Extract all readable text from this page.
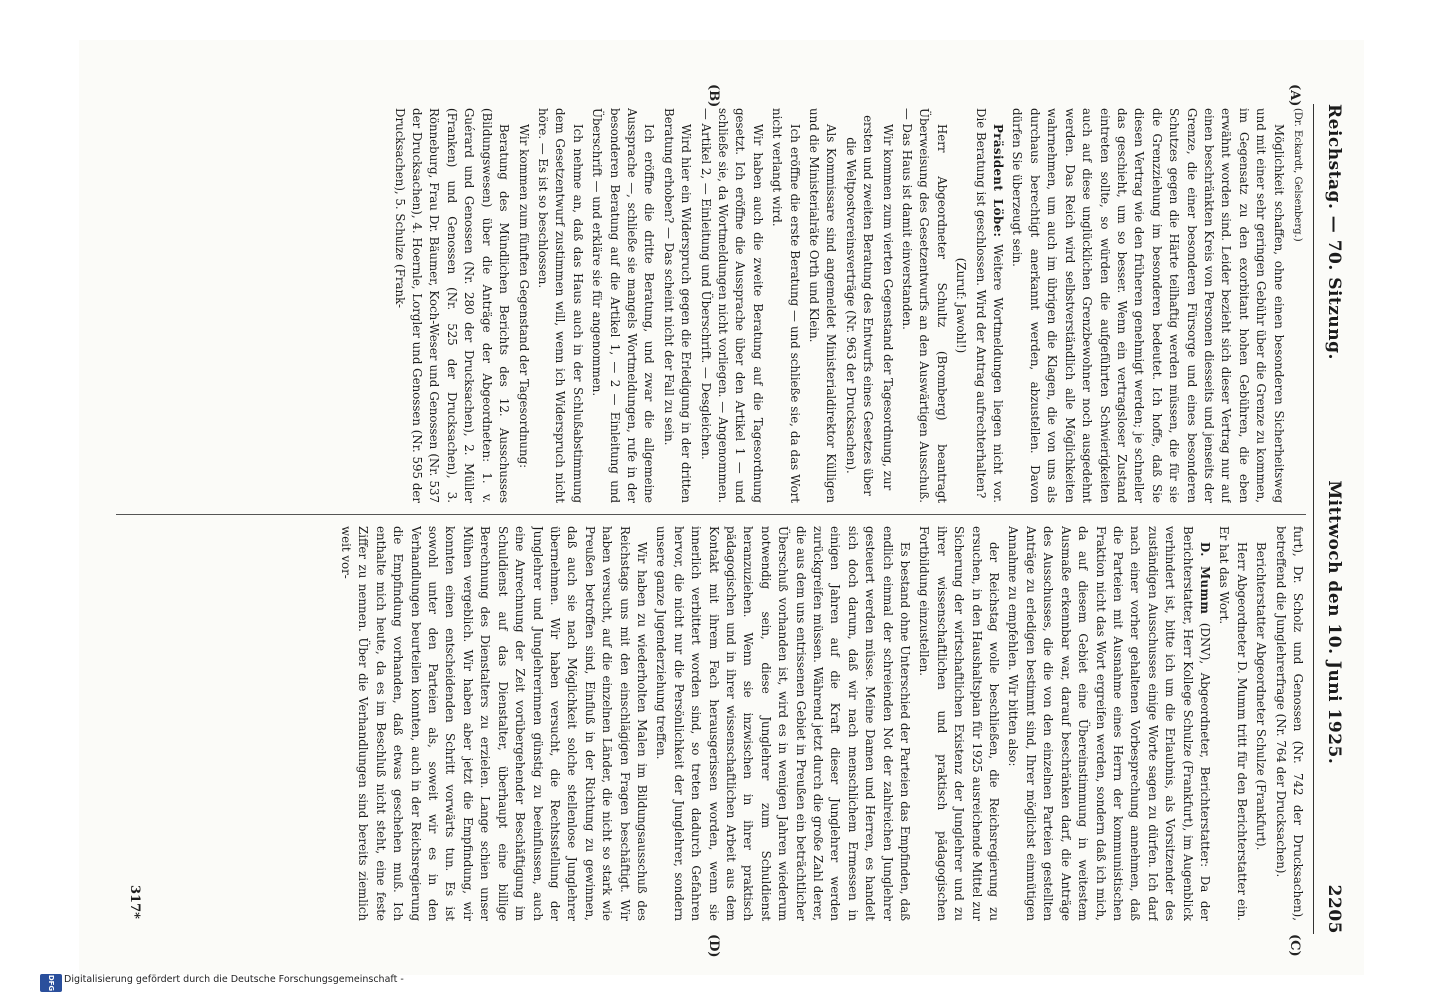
Reichstag. — 70. Sitzung.
Mittwoch den 10. Juni 1925.
2205
(A)
(B)
(C)
(D)

(Dr. Eckardt, Gelsenberg.)

Möglichkeit schaffen, ohne einen besonderen Sicherheitsweg und mit einer sehr geringen Gebühr über die Grenze zu kommen, im Gegensatz zu den exorbitant hohen Gebühren, die eben erwähnt worden sind. Leider bezieht sich dieser Vertrag nur auf einen beschränkten Kreis von Personen diesseits und jenseits der Grenze, die einer besonderen Fürsorge und eines besonderen Schutzes gegen die Härte teilhaftig werden müssen, die für sie die Grenzziehung im besonderen bedeutet. Ich hoffe, daß Sie diesen Vertrag wie den früheren genehmigt werden; je schneller das geschieht, um so besser. Wenn ein vertragsloser Zustand eintreten sollte, so würden die aufgeführten Schwierigkeiten auch auf diese unglücklichen Grenzbewohner noch ausgedehnt werden. Das Reich wird selbstverständlich alle Möglichkeiten wahrnehmen, um auch im übrigen die Klagen, die von uns als durchaus berechtigt anerkannt werden, abzustellen. Davon dürfen Sie überzeugt sein.

Präsident Löbe: Weitere Wortmeldungen liegen nicht vor. Die Beratung ist geschlossen. Wird der Antrag aufrechterhalten?

(Zuruf: Jawohl!)

Herr Abgeordneter Schultz (Bromberg) beantragt Überweisung des Gesetzentwurfs an den Auswärtigen Ausschuß. — Das Haus ist damit einverstanden.

Wir kommen zum vierten Gegenstand der Tagesordnung, zur

ersten und zweiten Beratung des Entwurfs eines Gesetzes über die Weltpostvereinsverträge (Nr. 963 der Drucksachen).

Als Kommissare sind angemeldet Ministerialdirektor Külligen und die Ministerialräte Orth und Klein.

Ich eröffne die erste Beratung — und schließe sie, da das Wort nicht verlangt wird.

Wir haben auch die zweite Beratung auf die Tagesordnung gesetzt. Ich eröffne die Aussprache über den Artikel 1 — und schließe sie, da Wortmeldungen nicht vorliegen. — Angenommen. — Artikel 2, — Einleitung und Überschrift. — Desgleichen.

Wird hier ein Widerspruch gegen die Erledigung in der dritten Beratung erhoben? — Das scheint nicht der Fall zu sein.

Ich eröffne die dritte Beratung, und zwar die allgemeine Aussprache —, schließe sie mangels Wortmeldungen, rufe in der besonderen Beratung auf die Artikel 1, — 2 — Einleitung und Überschrift — und erkläre sie für angenommen.

Ich nehme an, daß das Haus auch in der Schlußabstimmung dem Gesetzentwurf zustimmen will, wenn ich Widerspruch nicht höre. — Es ist so beschlossen.

Wir kommen zum fünften Gegenstand der Tagesordnung:

Beratung des Mündlichen Berichts des 12. Ausschusses (Bildungswesen) über die Anträge der Abgeordneten: 1. v. Guérard und Genossen (Nr. 280 der Drucksachen), 2. Müller (Franken) und Genossen (Nr. 525 der Drucksachen), 3. Rönneburg, Frau Dr. Bäumer, Koch-Weser und Genossen (Nr. 537 der Drucksachen), 4. Hoernle, Lorgler und Genossen (Nr. 595 der Drucksachen), 5. Schulze (Frank-

furt), Dr. Scholz und Genossen (Nr. 742 der Drucksachen), betreffend die Junglehrerfrage (Nr. 764 der Drucksachen).

Berichterstatter Abgeordneter Schulze (Frankfurt).

Herr Abgeordneter D. Mumm tritt für den Berichterstatter ein. Er hat das Wort.

D. Mumm (DNV), Abgeordneter, Berichterstatter: Da der Berichterstatter, Herr Kollege Schulze (Frankfurt), im Augenblick verhindert ist, bitte ich um die Erlaubnis, als Vorsitzender des zuständigen Ausschusses einige Worte sagen zu dürfen. Ich darf nach einer vorher gehaltenen Vorbesprechung annehmen, daß die Parteien mit Ausnahme eines Herrn der kommunistischen Fraktion nicht das Wort ergreifen werden, sondern daß ich mich, da auf diesem Gebiet eine Übereinstimmung in weitestem Ausmaße erkennbar war, darauf beschränken darf, die Anträge des Ausschusses, die die von den einzelnen Parteien gestellten Anträge zu erledigen bestimmt sind, Ihrer möglichst einmütigen Annahme zu empfehlen. Wir bitten also:

der Reichstag wolle beschließen, die Reichsregierung zu ersuchen, in den Haushaltsplan für 1925 ausreichende Mittel zur Sicherung der wirtschaftlichen Existenz der Junglehrer und zu ihrer wissenschaftlichen und praktisch pädagogischen Fortbildung einzustellen.

Es bestand ohne Unterschied der Parteien das Empfinden, daß endlich einmal der schreienden Not der zahlreichen Junglehrer gesteuert werden müsse. Meine Damen und Herren, es handelt sich doch darum, daß wir nach menschlichem Ermessen in einigen Jahren auf die Kraft dieser Junglehrer werden zurückgreifen müssen. Während jetzt durch die große Zahl derer, die aus dem uns entrissenen Gebiet in Preußen ein beträchtlicher Überschuß vorhanden ist, wird es in wenigen Jahren wiederum notwendig sein, diese Junglehrer zum Schuldienst heranzuziehen. Wenn sie inzwischen in ihrer praktisch pädagogischen und in ihrer wissenschaftlichen Arbeit aus dem Kontakt mit ihrem Fach herausgerissen worden, wenn sie innerlich verbittert worden sind, so treten dadurch Gefahren hervor, die nicht nur die Persönlichkeit der Junglehrer, sondern unsere ganze Jugenderziehung treffen.

Wir haben zu wiederholten Malen im Bildungsausschuß des Reichstags uns mit den einschlägigen Fragen beschäftigt. Wir haben versucht, auf die einzelnen Länder, die nicht so stark wie Preußen betroffen sind, Einfluß in der Richtung zu gewinnen, daß auch sie nach Möglichkeit solche stellenlose Junglehrer übernehmen. Wir haben versucht, die Rechtsstellung der Junglehrer und Junglehrerinnen günstig zu beeinflussen, auch eine Anrechnung der Zeit vorübergehender Beschäftigung im Schuldienst auf das Dienstalter, überhaupt eine billige Berechnung des Dienstalters zu erzielen. Lange schien unser Mühen vergeblich. Wir haben aber jetzt die Empfindung, wir konnten einen entscheidenden Schritt vorwärts tun. Es ist sowohl unter den Parteien als, soweit wir es in den Verhandlungen beurteilen konnten, auch in der Reichsregierung die Empfindung vorhanden, daß etwas geschehen muß. Ich enthalte mich heute, da es im Beschluß nicht steht, eine feste Ziffer zu nennen. Über die Verhandlungen sind bereits ziemlich weit vor-

317*
Digitalisierung gefördert durch die Deutsche Forschungsgemeinschaft -
DFG
